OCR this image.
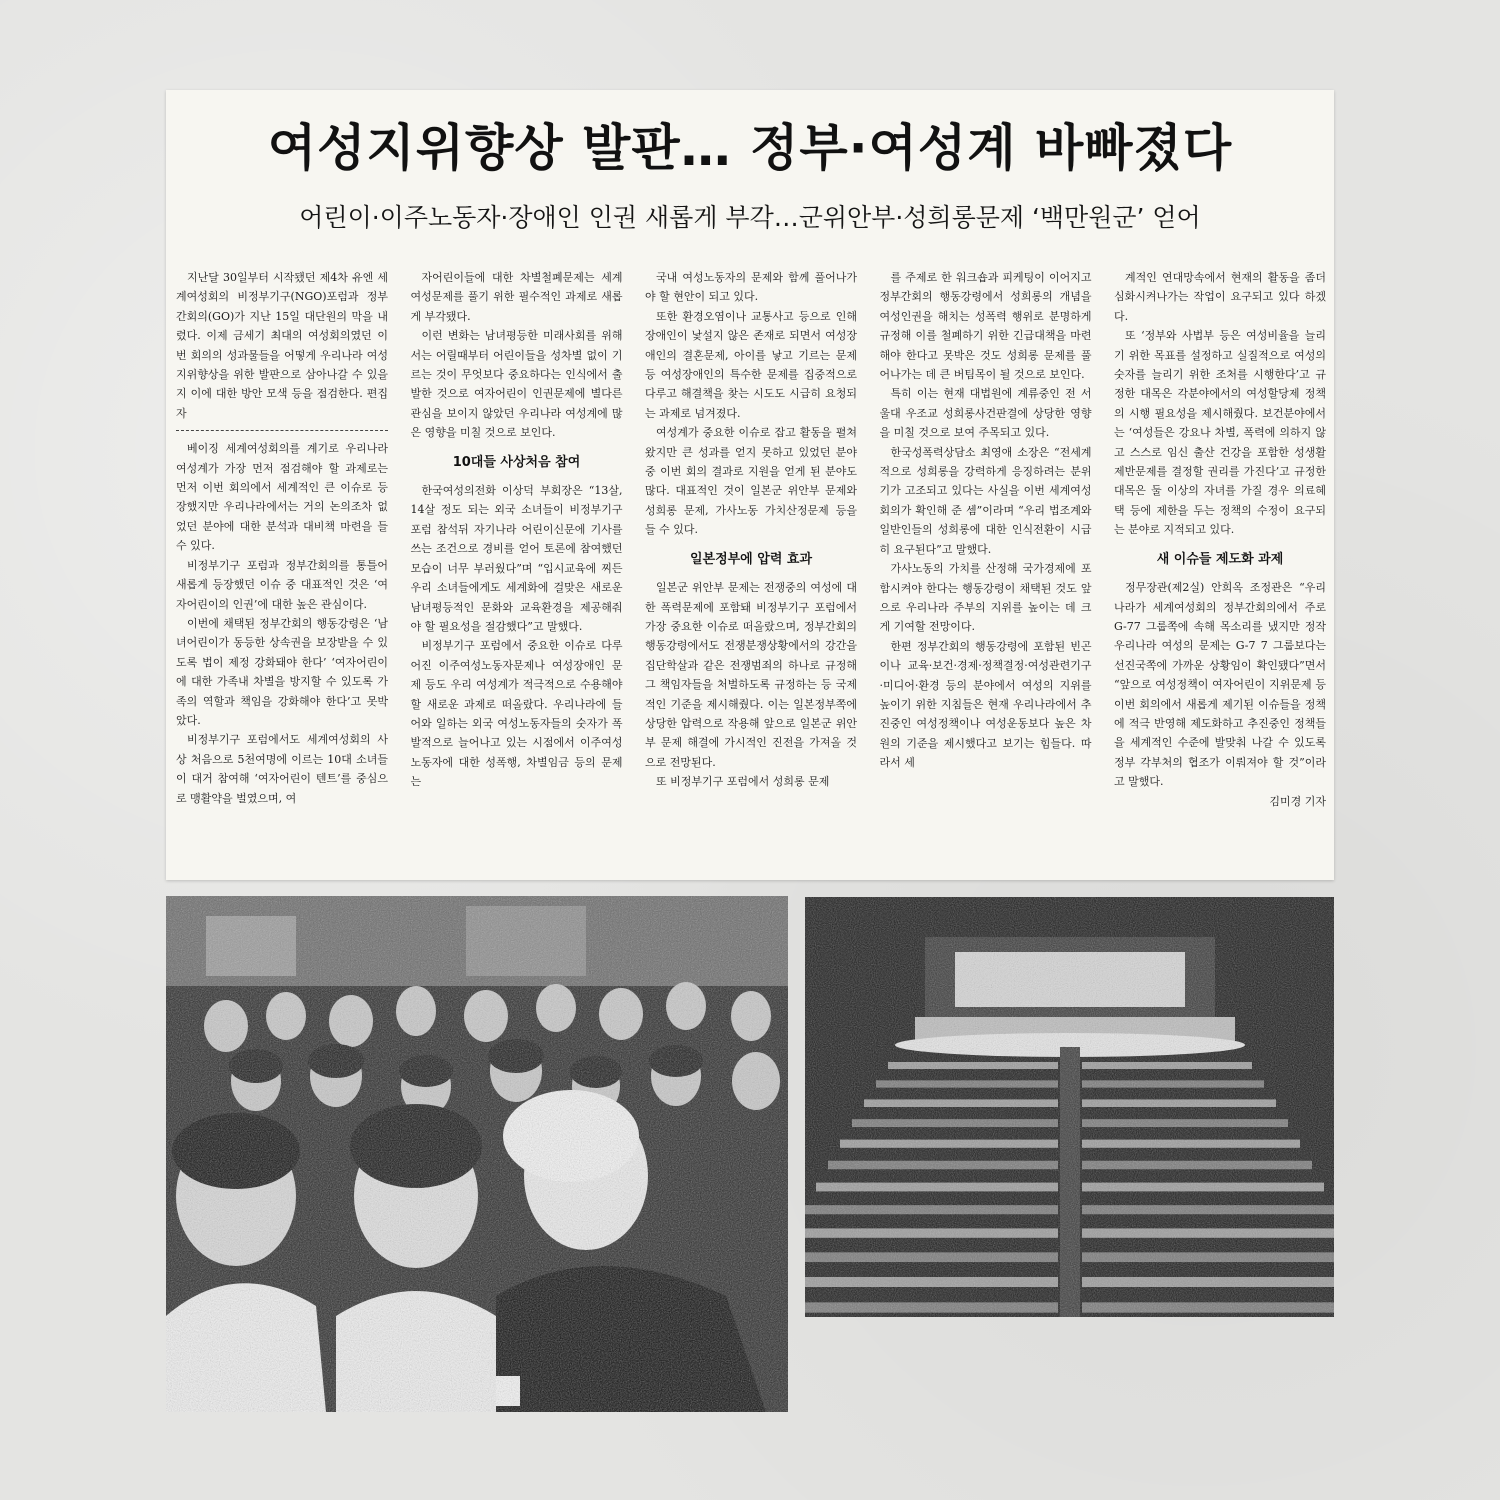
여성지위향상 발판… 정부·여성계 바빠졌다
어린이·이주노동자·장애인 인권 새롭게 부각…군위안부·성희롱문제 ‘백만원군’ 얻어

지난달 30일부터 시작됐던 제4차 유엔 세계여성회의 비정부기구(NGO)포럼과 정부간회의(GO)가 지난 15일 대단원의 막을 내렸다. 이제 금세기 최대의 여성회의였던 이번 회의의 성과물들을 어떻게 우리나라 여성지위향상을 위한 발판으로 삼아나갈 수 있을지 이에 대한 방안 모색 등을 점검한다. 편집자

베이징 세계여성회의를 계기로 우리나라 여성계가 가장 먼저 점검해야 할 과제로는 먼저 이번 회의에서 세계적인 큰 이슈로 등장했지만 우리나라에서는 거의 논의조차 없었던 분야에 대한 분석과 대비책 마련을 들 수 있다.

비정부기구 포럼과 정부간회의를 통틀어 새롭게 등장했던 이슈 중 대표적인 것은 ‘여자어린이의 인권’에 대한 높은 관심이다.

이번에 채택된 정부간회의 행동강령은 ‘남녀어린이가 동등한 상속권을 보장받을 수 있도록 법이 제정 강화돼야 한다’ ‘여자어린이에 대한 가족내 차별을 방지할 수 있도록 가족의 역할과 책임을 강화해야 한다’고 못박았다.

비정부기구 포럼에서도 세계여성회의 사상 처음으로 5천여명에 이르는 10대 소녀들이 대거 참여해 ‘여자어린이 텐트’를 중심으로 맹활약을 벌였으며, 여

자어린이들에 대한 차별철폐문제는 세계여성문제를 풀기 위한 필수적인 과제로 새롭게 부각됐다.

이런 변화는 남녀평등한 미래사회를 위해서는 어릴때부터 어린이들을 성차별 없이 기르는 것이 무엇보다 중요하다는 인식에서 출발한 것으로 여자어린이 인권문제에 별다른 관심을 보이지 않았던 우리나라 여성계에 많은 영향을 미칠 것으로 보인다.

10대들 사상처음 참여

한국여성의전화 이상덕 부회장은 “13살, 14살 정도 되는 외국 소녀들이 비정부기구 포럼 참석뒤 자기나라 어린이신문에 기사를 쓰는 조건으로 경비를 얻어 토론에 참여했던 모습이 너무 부러웠다”며 “입시교육에 찌든 우리 소녀들에게도 세계화에 걸맞은 새로운 남녀평등적인 문화와 교육환경을 제공해줘야 할 필요성을 절감했다”고 말했다.

비정부기구 포럼에서 중요한 이슈로 다루어진 이주여성노동자문제나 여성장애인 문제 등도 우리 여성계가 적극적으로 수용해야 할 새로운 과제로 떠올랐다. 우리나라에 들어와 일하는 외국 여성노동자들의 숫자가 폭발적으로 늘어나고 있는 시점에서 이주여성노동자에 대한 성폭행, 차별임금 등의 문제는

국내 여성노동자의 문제와 함께 풀어나가야 할 현안이 되고 있다.

또한 환경오염이나 교통사고 등으로 인해 장애인이 낯설지 않은 존재로 되면서 여성장애인의 결혼문제, 아이를 낳고 기르는 문제 등 여성장애인의 특수한 문제를 집중적으로 다루고 해결책을 찾는 시도도 시급히 요청되는 과제로 넘겨졌다.

여성계가 중요한 이슈로 잡고 활동을 펼쳐왔지만 큰 성과를 얻지 못하고 있었던 분야 중 이번 회의 결과로 지원을 얻게 된 분야도 많다. 대표적인 것이 일본군 위안부 문제와 성희롱 문제, 가사노동 가치산정문제 등을 들 수 있다.

일본정부에 압력 효과

일본군 위안부 문제는 전쟁중의 여성에 대한 폭력문제에 포함돼 비정부기구 포럼에서 가장 중요한 이슈로 떠올랐으며, 정부간회의 행동강령에서도 전쟁분쟁상황에서의 강간을 집단학살과 같은 전쟁범죄의 하나로 규정해 그 책임자들을 처벌하도록 규정하는 등 국제적인 기준을 제시해줬다. 이는 일본정부쪽에 상당한 압력으로 작용해 앞으로 일본군 위안부 문제 해결에 가시적인 진전을 가져올 것으로 전망된다.

또 비정부기구 포럼에서 성희롱 문제

를 주제로 한 워크숍과 피케팅이 이어지고 정부간회의 행동강령에서 성희롱의 개념을 여성인권을 해치는 성폭력 행위로 분명하게 규정해 이를 철폐하기 위한 긴급대책을 마련해야 한다고 못박은 것도 성희롱 문제를 풀어나가는 데 큰 버팀목이 될 것으로 보인다.

특히 이는 현재 대법원에 계류중인 전 서울대 우조교 성희롱사건판결에 상당한 영향을 미칠 것으로 보여 주목되고 있다.

한국성폭력상담소 최영애 소장은 “전세계적으로 성희롱을 강력하게 응징하려는 분위기가 고조되고 있다는 사실을 이번 세계여성회의가 확인해 준 셈”이라며 “우리 법조계와 일반인들의 성희롱에 대한 인식전환이 시급히 요구된다”고 말했다.

가사노동의 가치를 산정해 국가경제에 포함시켜야 한다는 행동강령이 채택된 것도 앞으로 우리나라 주부의 지위를 높이는 데 크게 기여할 전망이다.

한편 정부간회의 행동강령에 포함된 빈곤이나 교육·보건·경제·정책결정·여성관련기구·미디어·환경 등의 분야에서 여성의 지위를 높이기 위한 지침들은 현재 우리나라에서 추진중인 여성정책이나 여성운동보다 높은 차원의 기준을 제시했다고 보기는 힘들다. 따라서 세

계적인 연대망속에서 현재의 활동을 좀더 심화시켜나가는 작업이 요구되고 있다 하겠다.

또 ‘정부와 사법부 등은 여성비율을 늘리기 위한 목표를 설정하고 실질적으로 여성의 숫자를 늘리기 위한 조처를 시행한다’고 규정한 대목은 각분야에서의 여성할당제 정책의 시행 필요성을 제시해줬다. 보건분야에서는 ‘여성들은 강요나 차별, 폭력에 의하지 않고 스스로 임신 출산 건강을 포함한 성생활 제반문제를 결정할 권리를 가진다’고 규정한 대목은 둘 이상의 자녀를 가질 경우 의료혜택 등에 제한을 두는 정책의 수정이 요구되는 분야로 지적되고 있다.

새 이슈들 제도화 과제

정무장관(제2실) 안희옥 조정관은 “우리나라가 세계여성회의 정부간회의에서 주로 G-77 그룹쪽에 속해 목소리를 냈지만 정작 우리나라 여성의 문제는 G-7 7 그룹보다는 선진국쪽에 가까운 상황임이 확인됐다”면서 “앞으로 여성정책이 여자어린이 지위문제 등 이번 회의에서 새롭게 제기된 이슈들을 정책에 적극 반영해 제도화하고 추진중인 정책들을 세계적인 수준에 발맞춰 나갈 수 있도록 정부 각부처의 협조가 이뤄져야 할 것”이라고 말했다.

김미경 기자
